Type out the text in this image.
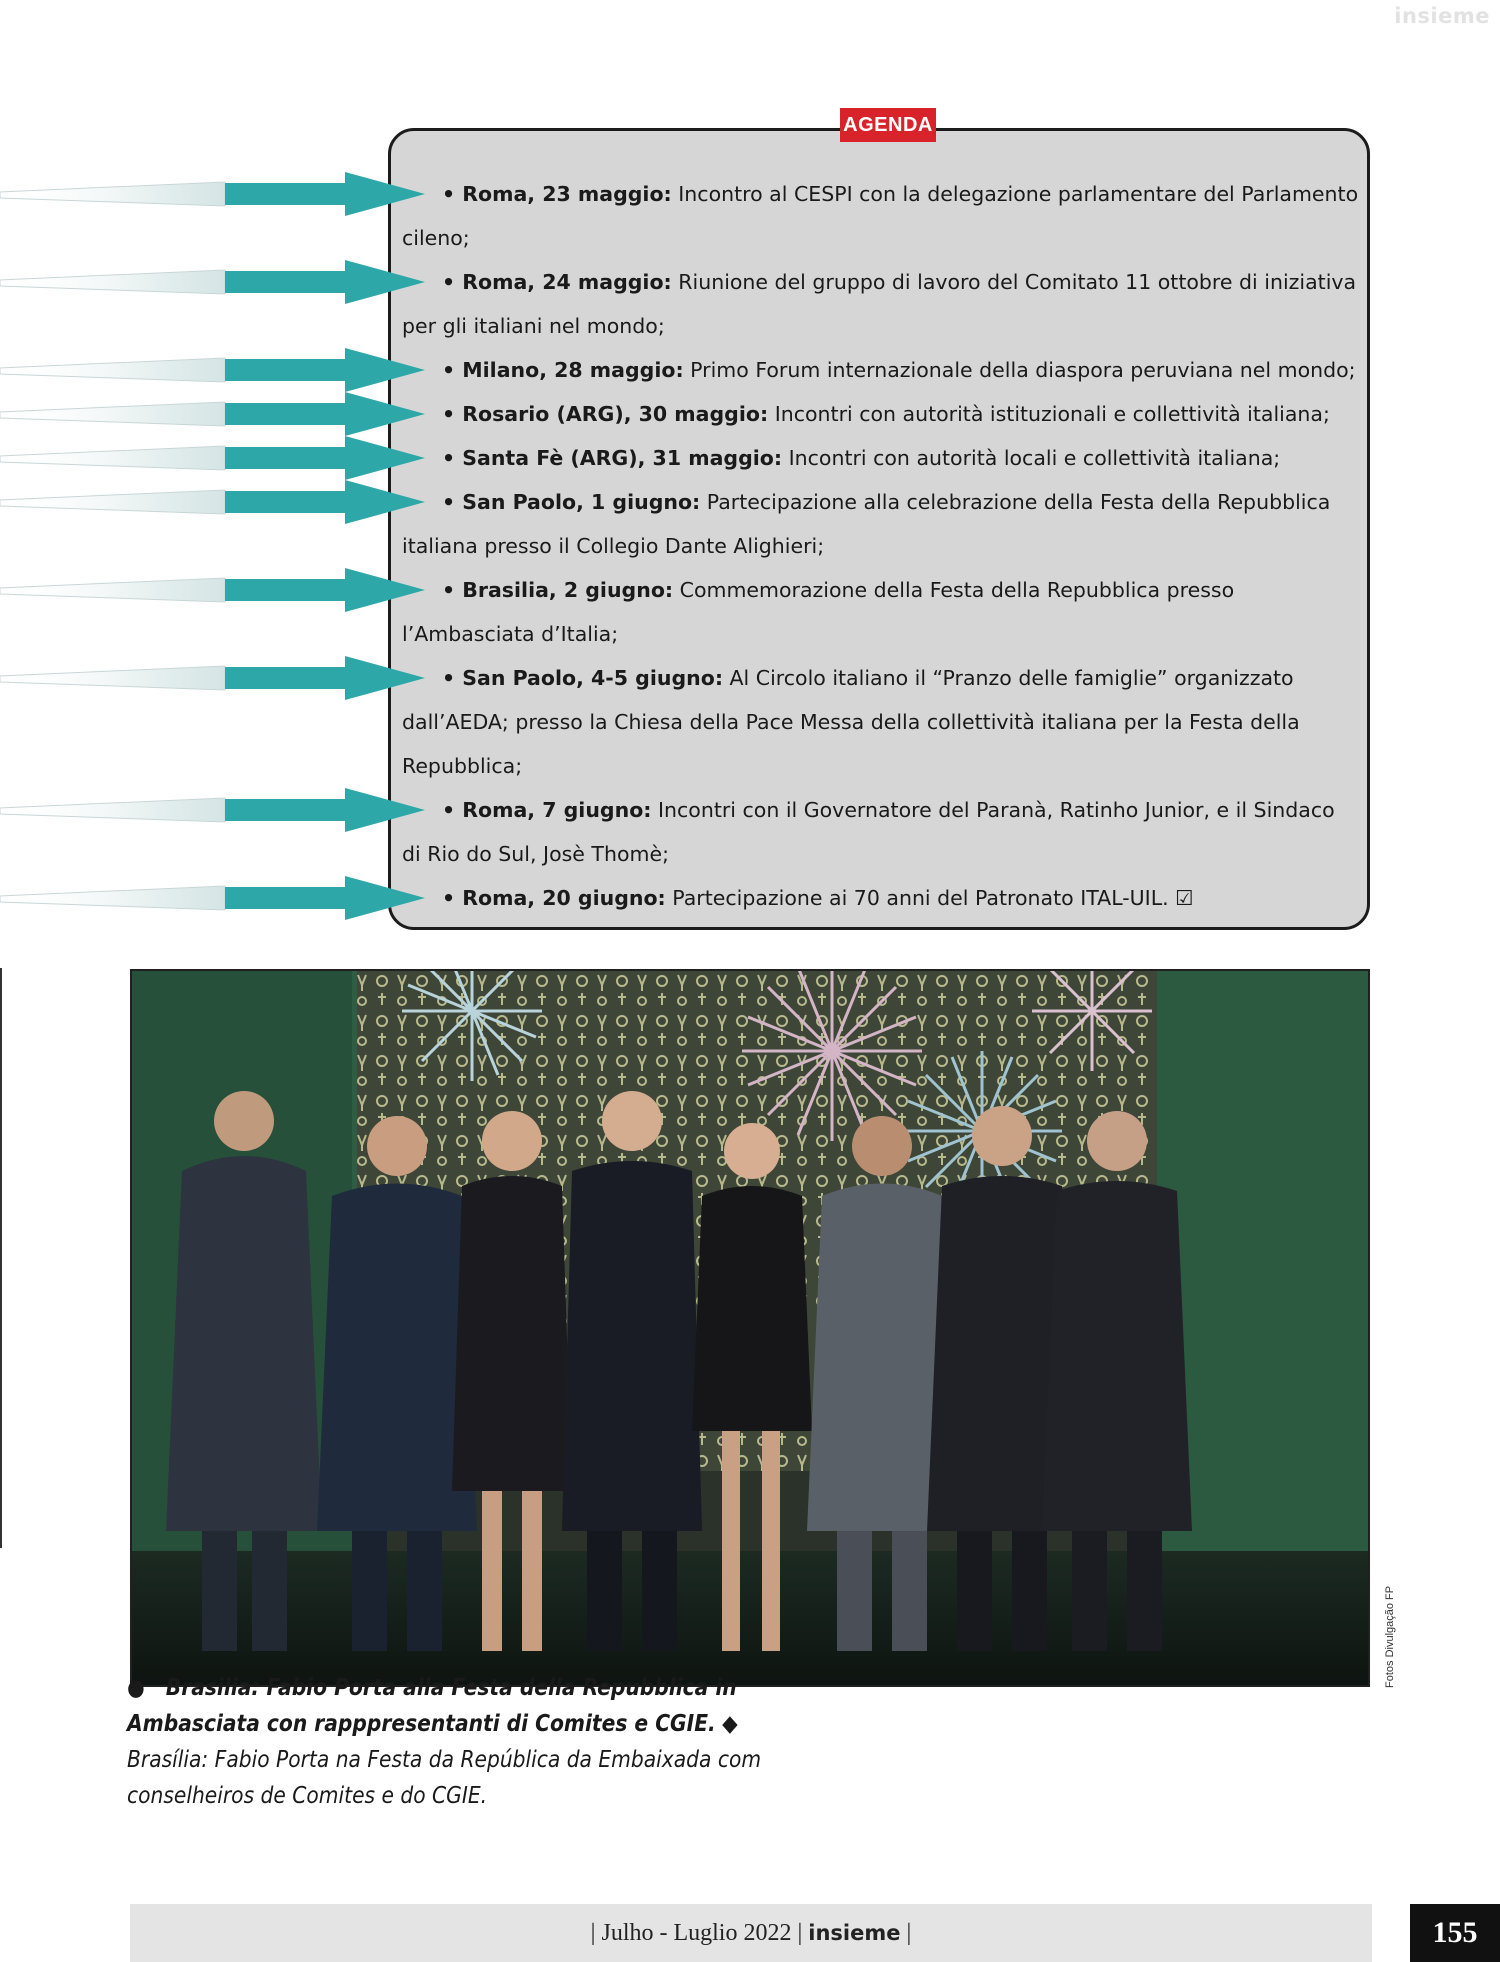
insieme
AGENDA
• Roma, 23 maggio: Incontro al CESPI con la delegazione parlamentare del Parlamento
cileno;
• Roma, 24 maggio: Riunione del gruppo di lavoro del Comitato 11 ottobre di iniziativa
per gli italiani nel mondo;
• Milano, 28 maggio: Primo Forum internazionale della diaspora peruviana nel mondo;
• Rosario (ARG), 30 maggio: Incontri con autorità istituzionali e collettività italiana;
• Santa Fè (ARG), 31 maggio: Incontri con autorità locali e collettività italiana;
• San Paolo, 1 giugno: Partecipazione alla celebrazione della Festa della Repubblica
italiana presso il Collegio Dante Alighieri;
• Brasilia, 2 giugno: Commemorazione della Festa della Repubblica presso
l’Ambasciata d’Italia;
• San Paolo, 4-5 giugno: Al Circolo italiano il “Pranzo delle famiglie” organizzato
dall’AEDA; presso la Chiesa della Pace Messa della collettività italiana per la Festa della
Repubblica;
• Roma, 7 giugno: Incontri con il Governatore del Paranà, Ratinho Junior, e il Sindaco
di Rio do Sul, Josè Thomè;
• Roma, 20 giugno: Partecipazione ai 70 anni del Patronato ITAL-UIL. ☑
Fotos Divulgação FP
●   Brasilia: Fabio Porta alla Festa della Repubblica in Ambasciata con rapppresentanti di Comites e CGIE. ◆ Brasília: Fabio Porta na Festa da República da Embaixada com conselheiros de Comites e do CGIE.
| Julho - Luglio 2022 | insieme |	155
